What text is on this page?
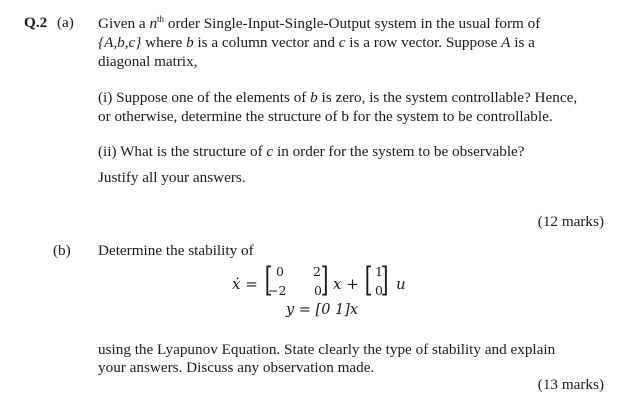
Q.2 (a) Given a $n^{th}$ order Single-Input-Single-Output system in the usual form of
{A,b,c} where b is a column vector and c is a row vector. Suppose A is a
diagonal matrix,
(i) Suppose one of the elements of b is zero, is the system controllable? Hence,
or otherwise, determine the structure of b for the system to be controllable.
(ii) What is the structure of c in order for the system to be observable?
Justify all your answers.
(12 marks)
(b) Determine the stability of
ẋ = [ 0 2
−2 0
] x + [ 1
0
] u
y = [0 1]x
using the Lyapunov Equation. State clearly the type of stability and explain
your answers. Discuss any observation made.
(13 marks)
